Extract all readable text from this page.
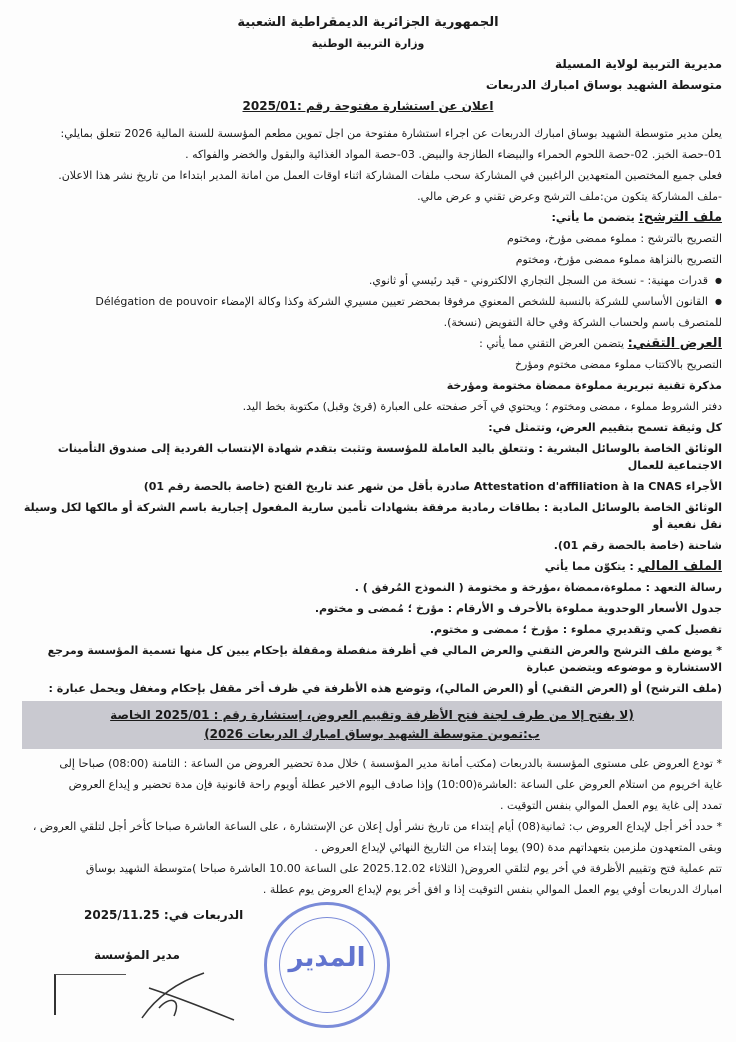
الجمهورية الجزائرية الديمقراطية الشعبية
وزارة التربية الوطنية
مديرية التربية لولاية المسيلة
متوسطة الشهيد بوساق امبارك الدربعات
اعلان عن استشارة مفتوحة رقم :2025/01
يعلن مدير متوسطة الشهيد بوساق امبارك الدربعات عن اجراء استشارة مفتوحة من اجل تموين مطعم المؤسسة للسنة المالية 2026 تتعلق بمايلي:
01-حصة الخبز. 02-حصة اللحوم الحمراء والبيضاء الطازجة والبيض. 03-حصة المواد الغذائية والبقول والخضر والفواكه .
فعلى جميع المختصين المتعهدين الراغبين في المشاركة سحب ملفات المشاركة اثناء اوقات العمل من امانة المدير ابتداءا من تاريخ نشر هذا الاعلان.
-ملف المشاركة يتكون من:ملف الترشح وعرض تقني و عرض مالي.
ملف الترشح: يتضمن ما يأتي:
التصريح بالترشح : مملوء ممضى مؤرخ، ومختوم
التصريح بالنزاهة مملوء ممضى مؤرخ، ومختوم
● قدرات مهنية: - نسخة من السجل التجاري الالكتروني - قيد رئيسي أو ثانوي.
● القانون الأساسي للشركة بالنسبة للشخص المعنوي مرفوقا بمحضر تعيين مسيري الشركة وكذا وكالة الإمضاء Délégation de pouvoir
للمتصرف باسم ولحساب الشركة وفي حالة التفويض (نسخة).
العرض التقني: يتضمن العرض التقني مما يأتي :
التصريح بالاكتتاب مملوء ممضى مختوم ومؤرخ
مذكرة تقنية تبريرية مملوءة ممضاة مختومة ومؤرخة
دفتر الشروط مملوء ، ممضى ومختوم ؛ ويحتوي في آخر صفحته على العبارة (قرئ وقبل) مكتوبة بخط اليد.
كل وثيقة تسمح بتقييم العرض، وتتمثل في:
الوثائق الخاصة بالوسائل البشرية : وتتعلق باليد العاملة للمؤسسة وتثبت بتقدم شهادة الإنتساب الفردية إلى صندوق التأمينات الاجتماعية للعمال
الأجراء Attestation d'affiliation à la CNAS صادرة بأقل من شهر عند تاريخ الفتح (خاصة بالحصة رقم 01)
الوثائق الخاصة بالوسائل المادية : بطاقات رمادية مرفقة بشهادات تأمين سارية المفعول إجبارية باسم الشركة أو مالكها لكل وسيلة نقل نفعية أو
شاحنة (خاصة بالحصة رقم 01).
الملف المالي : يتكوّن مما يأتي
رسالة التعهد : مملوءة،ممضاة ،مؤرخة و مختومة ( النموذج المُرفق ) .
جدول الأسعار الوحدوية مملوءة بالأحرف و الأرقام : مؤرخ ؛ مُمضى و مختوم.
تفصيل كمي وتقديري مملوء : مؤرخ ؛ ممضى و مختوم.
* يوضع ملف الترشح والعرض التقني والعرض المالي في أظرفة منفصلة ومقفلة بإحكام يبين كل منها تسمية المؤسسة ومرجع الاستشارة و موضوعه ويتضمن عبارة
(ملف الترشح) أو (العرض التقني) أو (العرض المالي)، وتوضع هذه الأظرفة في ظرف أخر مقفل بإحكام ومغفل ويحمل عبارة :
(لا يفتح إلا من طرف لجنة فتح الأظرفة وتقييم العروض، إستشارة رقم : 2025/01 الخاصة
ب:تموين متوسطة الشهيد بوساق امبارك الدربعات 2026)
* تودع العروض على مستوى المؤسسة بالدربعات (مكتب أمانة مدير المؤسسة ) خلال مدة تحضير العروض من الساعة : الثامنة (08:00) صباحا إلى
غاية اخريوم من استلام العروض على الساعة :العاشرة(10:00) وإذا صادف اليوم الاخير عطلة أويوم راحة قانونية فإن مدة تحضير و إيداع العروض
تمدد إلى غاية يوم العمل الموالي بنفس التوقيت .
* حدد أخر أجل لإيداع العروض ب: ثمانية(08) أيام إبتداء من تاريخ نشر أول إعلان عن الإستشارة ، على الساعة العاشرة صباحا كأخر أجل لتلقي العروض ،
وبقى المتعهدون ملزمين بتعهداتهم مدة (90) يوما إبتداء من التاريخ النهائي لإيداع العروض .
تتم عملية فتح وتقييم الأظرفة في أخر يوم لتلقي العروض( الثلاثاء 2025.12.02 على الساعة 10.00 العاشرة صباحا )متوسطة الشهيد بوساق
امبارك الدربعات أوفي يوم العمل الموالي بنفس التوقيت إذا و افق أخر يوم لإيداع العروض يوم عطلة .
الدربعات في: 2025/11.25
مدير المؤسسة	المدير
